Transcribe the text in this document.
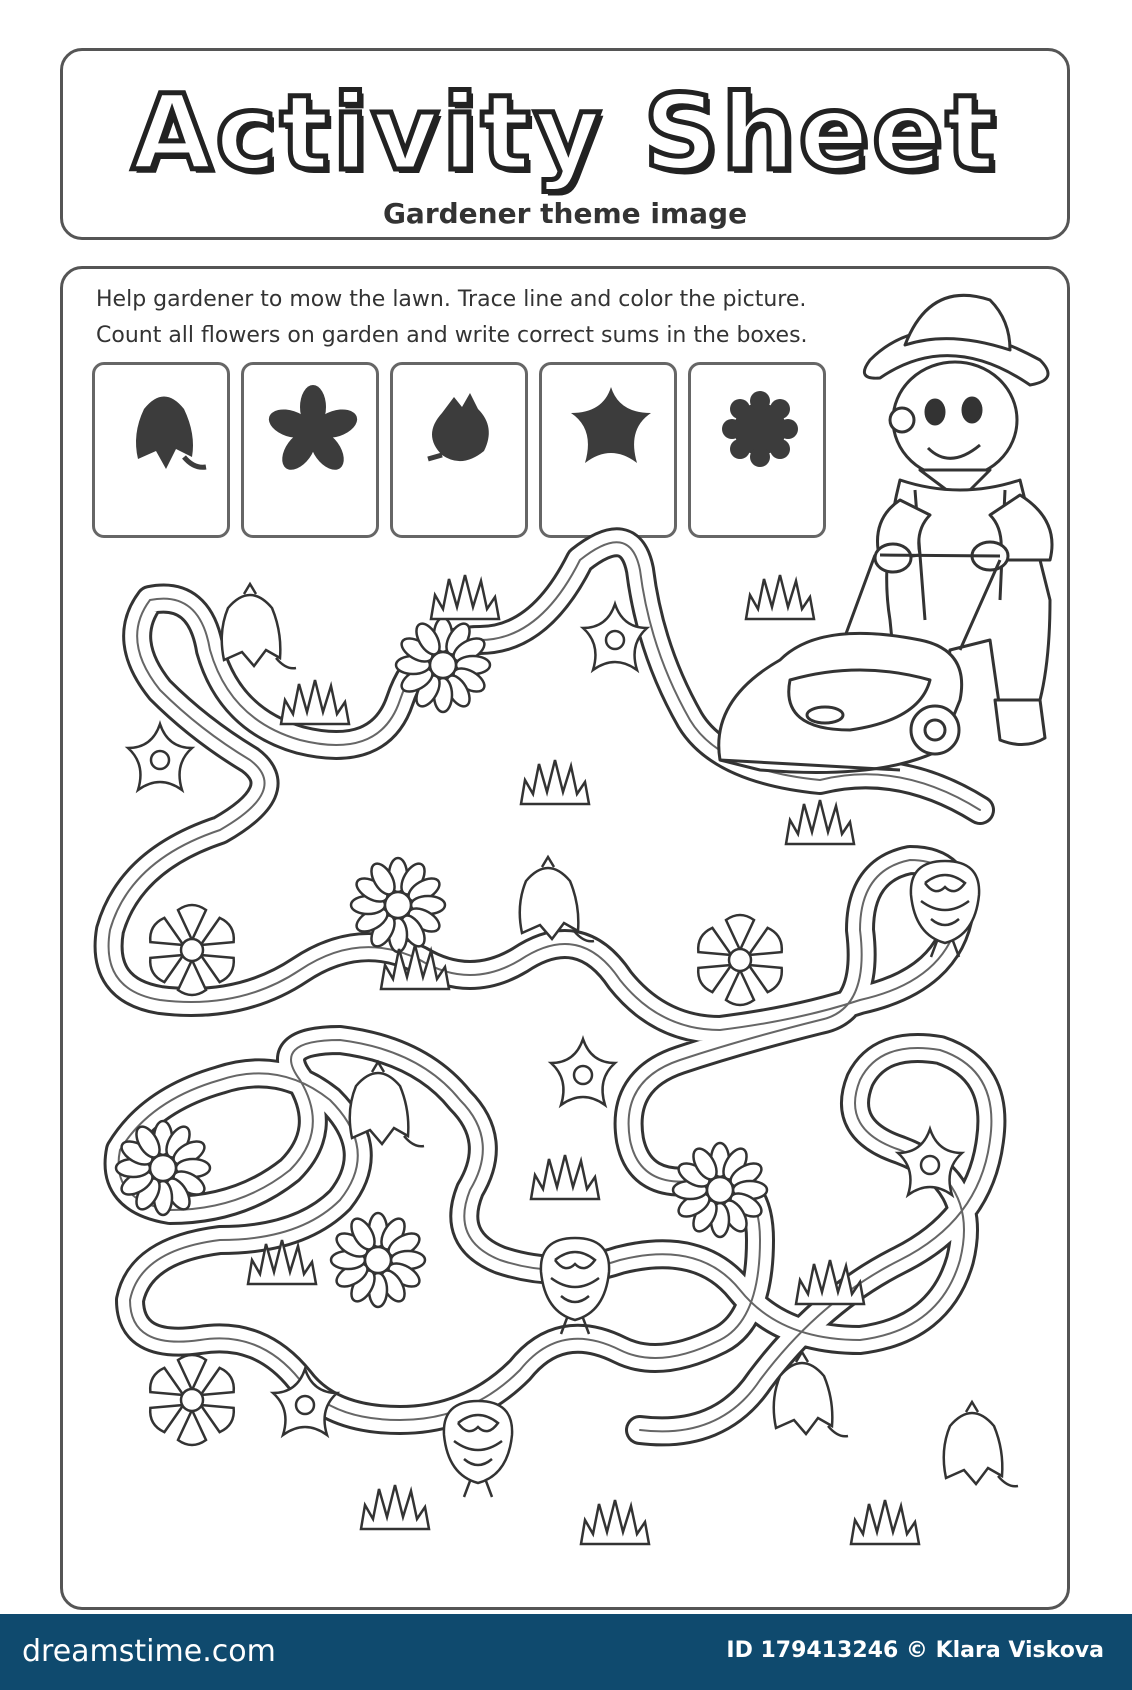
Activity Sheet
Gardener theme image
Help gardener to mow the lawn. Trace line and color the picture.
Count all flowers on garden and write correct sums in the boxes.
dreamstime.com	ID 179413246 © Klara Viskova
